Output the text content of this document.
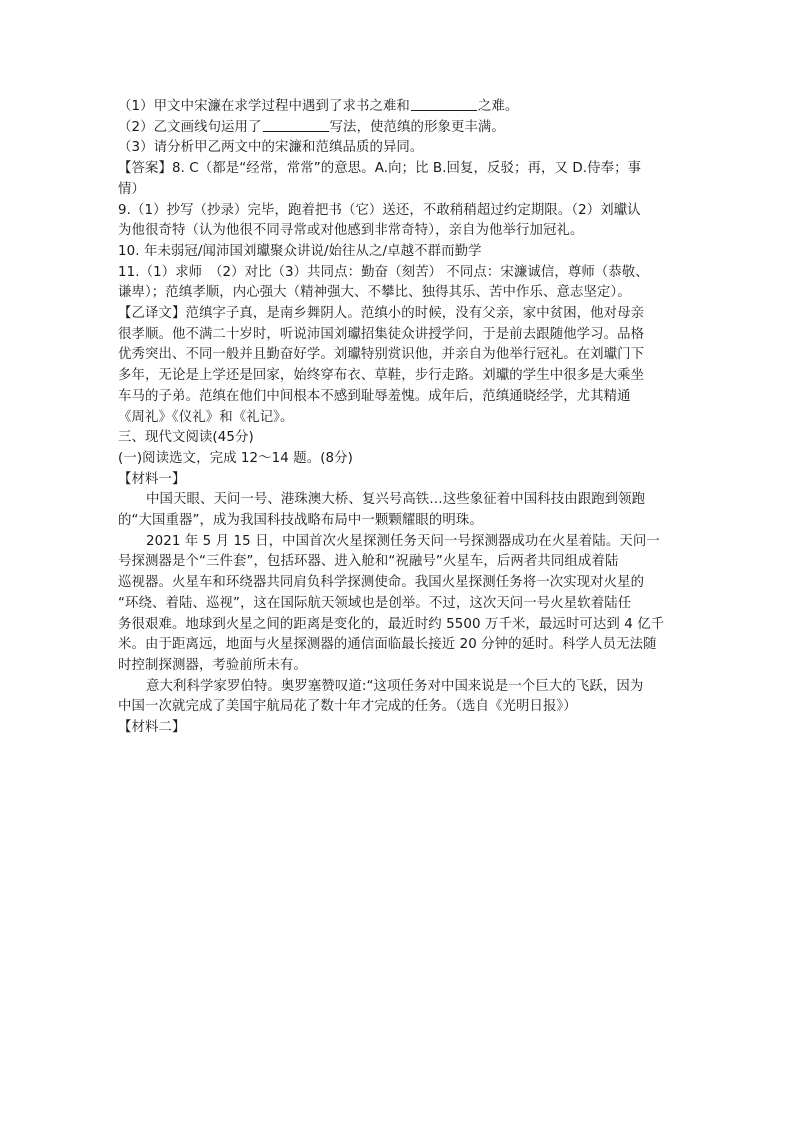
（1）甲文中宋濂在求学过程中遇到了求书之难和	之难。
（2）乙文画线句运用了	写法，使范缜的形象更丰满。
（3）请分析甲乙两文中的宋濂和范缜品质的异同。
【答案】8. C（都是“经常，常常”的意思。A.向；比 B.回复，反驳；再，又 D.侍奉；事
情）
9.（1）抄写（抄录）完毕，跑着把书（它）送还，不敢稍稍超过约定期限。（2）刘瓛认
为他很奇特（认为他很不同寻常或对他感到非常奇特），亲自为他举行加冠礼。
10. 年未弱冠/闻沛国刘瓛聚众讲说/始往从之/卓越不群而勤学
11.（1）求师　（2）对比（3）共同点：勤奋（刻苦） 不同点：宋濂诚信，尊师（恭敬、
谦卑）；范缜孝顺，内心强大（精神强大、不攀比、独得其乐、苦中作乐、意志坚定）。
【乙译文】范缜字子真，是南乡舞阴人。范缜小的时候，没有父亲，家中贫困，他对母亲
很孝顺。他不满二十岁时，听说沛国刘瓛招集徒众讲授学问，于是前去跟随他学习。品格
优秀突出、不同一般并且勤奋好学。刘瓛特别赏识他，并亲自为他举行冠礼。在刘瓛门下
多年，无论是上学还是回家，始终穿布衣、草鞋，步行走路。刘瓛的学生中很多是大乘坐
车马的子弟。范缜在他们中间根本不感到耻辱羞愧。成年后，范缜通晓经学，尤其精通
《周礼》《仪礼》和《礼记》。
三、现代文阅读(45分)
(一)阅读选文，完成 12～14 题。(8分)
【材料一】
中国天眼、天问一号、港珠澳大桥、复兴号高铁…这些象征着中国科技由跟跑到领跑
的“大国重器”，成为我国科技战略布局中一颗颗耀眼的明珠。
2021 年 5 月 15 日，中国首次火星探测任务天问一号探测器成功在火星着陆。天问一
号探测器是个“三件套”，包括环器、进入舱和“祝融号”火星车，后两者共同组成着陆
巡视器。火星车和环绕器共同肩负科学探测使命。我国火星探测任务将一次实现对火星的
“环绕、着陆、巡视”，这在国际航天领域也是创举。不过，这次天问一号火星软着陆任
务很艰难。地球到火星之间的距离是变化的，最近时约 5500 万千米，最远时可达到 4 亿千
米。由于距离远，地面与火星探测器的通信面临最长接近 20 分钟的延时。科学人员无法随
时控制探测器，考验前所未有。
意大利科学家罗伯特。奥罗塞赞叹道:“这项任务对中国来说是一个巨大的飞跃，因为
中国一次就完成了美国宇航局花了数十年才完成的任务。（选自《光明日报》）
【材料二】
